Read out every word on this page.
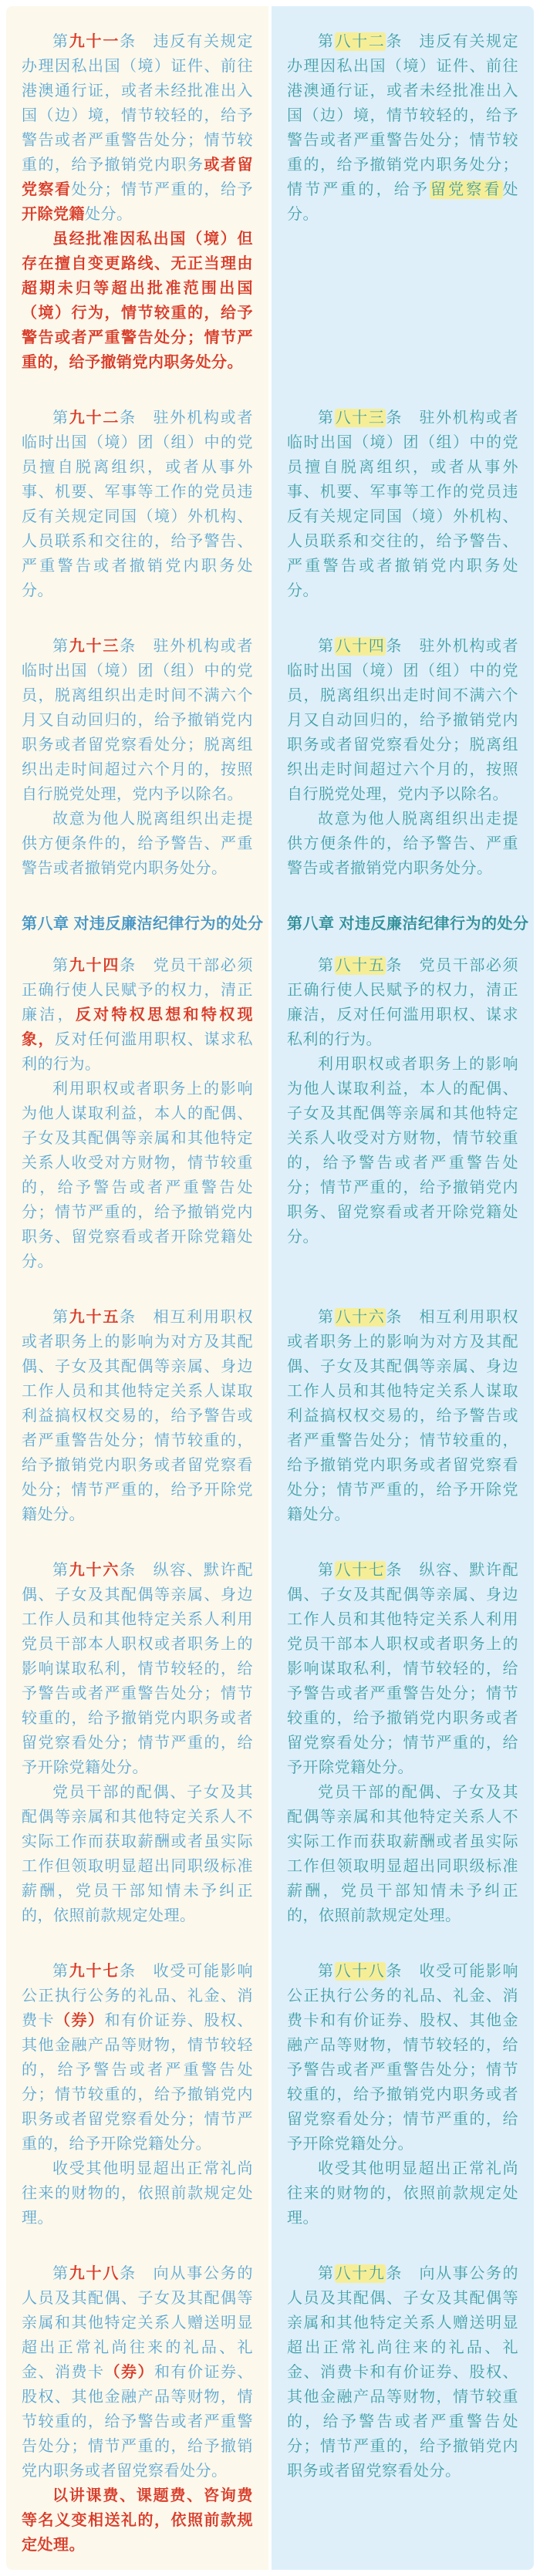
第九十一条　违反有关规定办理因私出国（境）证件、前往港澳通行证，或者未经批准出入国（边）境，情节较轻的，给予警告或者严重警告处分；情节较重的，给予撤销党内职务或者留党察看处分；情节严重的，给予开除党籍处分。

虽经批准因私出国（境）但存在擅自变更路线、无正当理由超期未归等超出批准范围出国（境）行为，情节较重的，给予警告或者严重警告处分；情节严重的，给予撤销党内职务处分。

第八十二条　违反有关规定办理因私出国（境）证件、前往港澳通行证，或者未经批准出入国（边）境，情节较轻的，给予警告或者严重警告处分；情节较重的，给予撤销党内职务处分；情节严重的，给予留党察看处分。

第九十二条　驻外机构或者临时出国（境）团（组）中的党员擅自脱离组织，或者从事外事、机要、军事等工作的党员违反有关规定同国（境）外机构、人员联系和交往的，给予警告、严重警告或者撤销党内职务处分。

第八十三条　驻外机构或者临时出国（境）团（组）中的党员擅自脱离组织，或者从事外事、机要、军事等工作的党员违反有关规定同国（境）外机构、人员联系和交往的，给予警告、严重警告或者撤销党内职务处分。

第九十三条　驻外机构或者临时出国（境）团（组）中的党员，脱离组织出走时间不满六个月又自动回归的，给予撤销党内职务或者留党察看处分；脱离组织出走时间超过六个月的，按照自行脱党处理，党内予以除名。

故意为他人脱离组织出走提供方便条件的，给予警告、严重警告或者撤销党内职务处分。

第八十四条　驻外机构或者临时出国（境）团（组）中的党员，脱离组织出走时间不满六个月又自动回归的，给予撤销党内职务或者留党察看处分；脱离组织出走时间超过六个月的，按照自行脱党处理，党内予以除名。

故意为他人脱离组织出走提供方便条件的，给予警告、严重警告或者撤销党内职务处分。

第八章 对违反廉洁纪律行为的处分 第八章 对违反廉洁纪律行为的处分

第九十四条　党员干部必须正确行使人民赋予的权力，清正廉洁，反对特权思想和特权现象，反对任何滥用职权、谋求私利的行为。

利用职权或者职务上的影响为他人谋取利益，本人的配偶、子女及其配偶等亲属和其他特定关系人收受对方财物，情节较重的，给予警告或者严重警告处分；情节严重的，给予撤销党内职务、留党察看或者开除党籍处分。

第八十五条　党员干部必须正确行使人民赋予的权力，清正廉洁，反对任何滥用职权、谋求私利的行为。

利用职权或者职务上的影响为他人谋取利益，本人的配偶、子女及其配偶等亲属和其他特定关系人收受对方财物，情节较重的，给予警告或者严重警告处分；情节严重的，给予撤销党内职务、留党察看或者开除党籍处分。

第九十五条　相互利用职权或者职务上的影响为对方及其配偶、子女及其配偶等亲属、身边工作人员和其他特定关系人谋取利益搞权权交易的，给予警告或者严重警告处分；情节较重的，给予撤销党内职务或者留党察看处分；情节严重的，给予开除党籍处分。

第八十六条　相互利用职权或者职务上的影响为对方及其配偶、子女及其配偶等亲属、身边工作人员和其他特定关系人谋取利益搞权权交易的，给予警告或者严重警告处分；情节较重的，给予撤销党内职务或者留党察看处分；情节严重的，给予开除党籍处分。

第九十六条　纵容、默许配偶、子女及其配偶等亲属、身边工作人员和其他特定关系人利用党员干部本人职权或者职务上的影响谋取私利，情节较轻的，给予警告或者严重警告处分；情节较重的，给予撤销党内职务或者留党察看处分；情节严重的，给予开除党籍处分。

党员干部的配偶、子女及其配偶等亲属和其他特定关系人不实际工作而获取薪酬或者虽实际工作但领取明显超出同职级标准薪酬，党员干部知情未予纠正的，依照前款规定处理。

第八十七条　纵容、默许配偶、子女及其配偶等亲属、身边工作人员和其他特定关系人利用党员干部本人职权或者职务上的影响谋取私利，情节较轻的，给予警告或者严重警告处分；情节较重的，给予撤销党内职务或者留党察看处分；情节严重的，给予开除党籍处分。

党员干部的配偶、子女及其配偶等亲属和其他特定关系人不实际工作而获取薪酬或者虽实际工作但领取明显超出同职级标准薪酬，党员干部知情未予纠正的，依照前款规定处理。

第九十七条　收受可能影响公正执行公务的礼品、礼金、消费卡（券）和有价证券、股权、其他金融产品等财物，情节较轻的，给予警告或者严重警告处分；情节较重的，给予撤销党内职务或者留党察看处分；情节严重的，给予开除党籍处分。

收受其他明显超出正常礼尚往来的财物的，依照前款规定处理。

第八十八条　收受可能影响公正执行公务的礼品、礼金、消费卡和有价证券、股权、其他金融产品等财物，情节较轻的，给予警告或者严重警告处分；情节较重的，给予撤销党内职务或者留党察看处分；情节严重的，给予开除党籍处分。

收受其他明显超出正常礼尚往来的财物的，依照前款规定处理。

第九十八条　向从事公务的人员及其配偶、子女及其配偶等亲属和其他特定关系人赠送明显超出正常礼尚往来的礼品、礼金、消费卡（券）和有价证券、股权、其他金融产品等财物，情节较重的，给予警告或者严重警告处分；情节严重的，给予撤销党内职务或者留党察看处分。

以讲课费、课题费、咨询费等名义变相送礼的，依照前款规定处理。

第八十九条　向从事公务的人员及其配偶、子女及其配偶等亲属和其他特定关系人赠送明显超出正常礼尚往来的礼品、礼金、消费卡和有价证券、股权、其他金融产品等财物，情节较重的，给予警告或者严重警告处分；情节严重的，给予撤销党内职务或者留党察看处分。
